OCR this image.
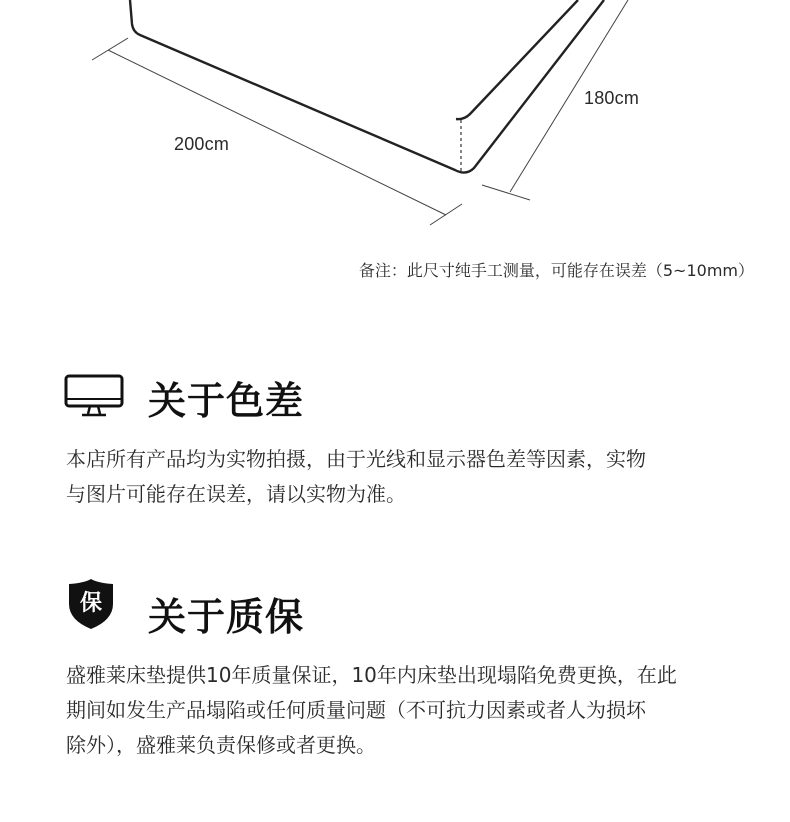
200cm
180cm
备注：此尺寸纯手工测量，可能存在误差（5~10mm）
关于色差

本店所有产品均为实物拍摄，由于光线和显示器色差等因素，实物

与图片可能存在误差，请以实物为准。

保	关于质保

盛雅莱床垫提供10年质量保证，10年内床垫出现塌陷免费更换，在此

期间如发生产品塌陷或任何质量问题（不可抗力因素或者人为损坏

除外），盛雅莱负责保修或者更换。
